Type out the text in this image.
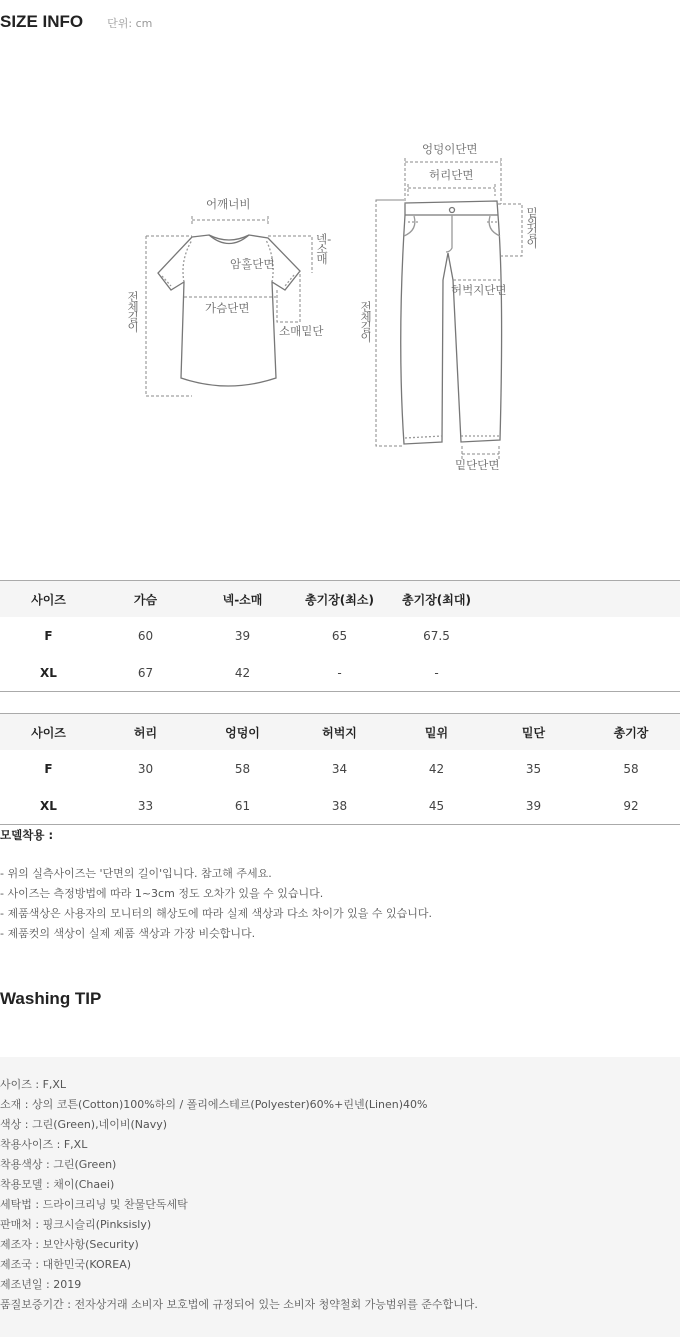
SIZE INFO 단위: cm
어깨너비
암홀단면
가슴단면
넥-소매
소매밑단
전체길이
엉덩이단면
허리단면
밑위길이
허벅지단면
전체길이
밑단단면
사이즈	가슴	넥-소매	총기장(최소)	총기장(최대)		
F	60	39	65	67.5		
XL	67	42	-	-		
사이즈	허리	엉덩이	허벅지	밑위	밑단	총기장
F	30	58	34	42	35	58
XL	33	61	38	45	39	92
모델착용 :
- 위의 실측사이즈는 '단면의 길이'입니다. 참고해 주세요.
- 사이즈는 측정방법에 따라 1~3cm 정도 오차가 있을 수 있습니다.
- 제품색상은 사용자의 모니터의 해상도에 따라 실제 색상과 다소 차이가 있을 수 있습니다.
- 제품컷의 색상이 실제 제품 색상과 가장 비슷합니다.
Washing TIP
사이즈 : F,XL
소재 : 상의 코튼(Cotton)100%하의 / 폴리에스테르(Polyester)60%+린넨(Linen)40%
색상 : 그린(Green),네이비(Navy)
착용사이즈 : F,XL
착용색상 : 그린(Green)
착용모델 : 채이(Chaei)
세탁법 : 드라이크리닝 및 찬물단독세탁
판매처 : 핑크시슬리(Pinksisly)
제조자 : 보안사항(Security)
제조국 : 대한민국(KOREA)
제조년일 : 2019
품질보증기간 : 전자상거래 소비자 보호법에 규정되어 있는 소비자 청약철회 가능범위를 준수합니다.
